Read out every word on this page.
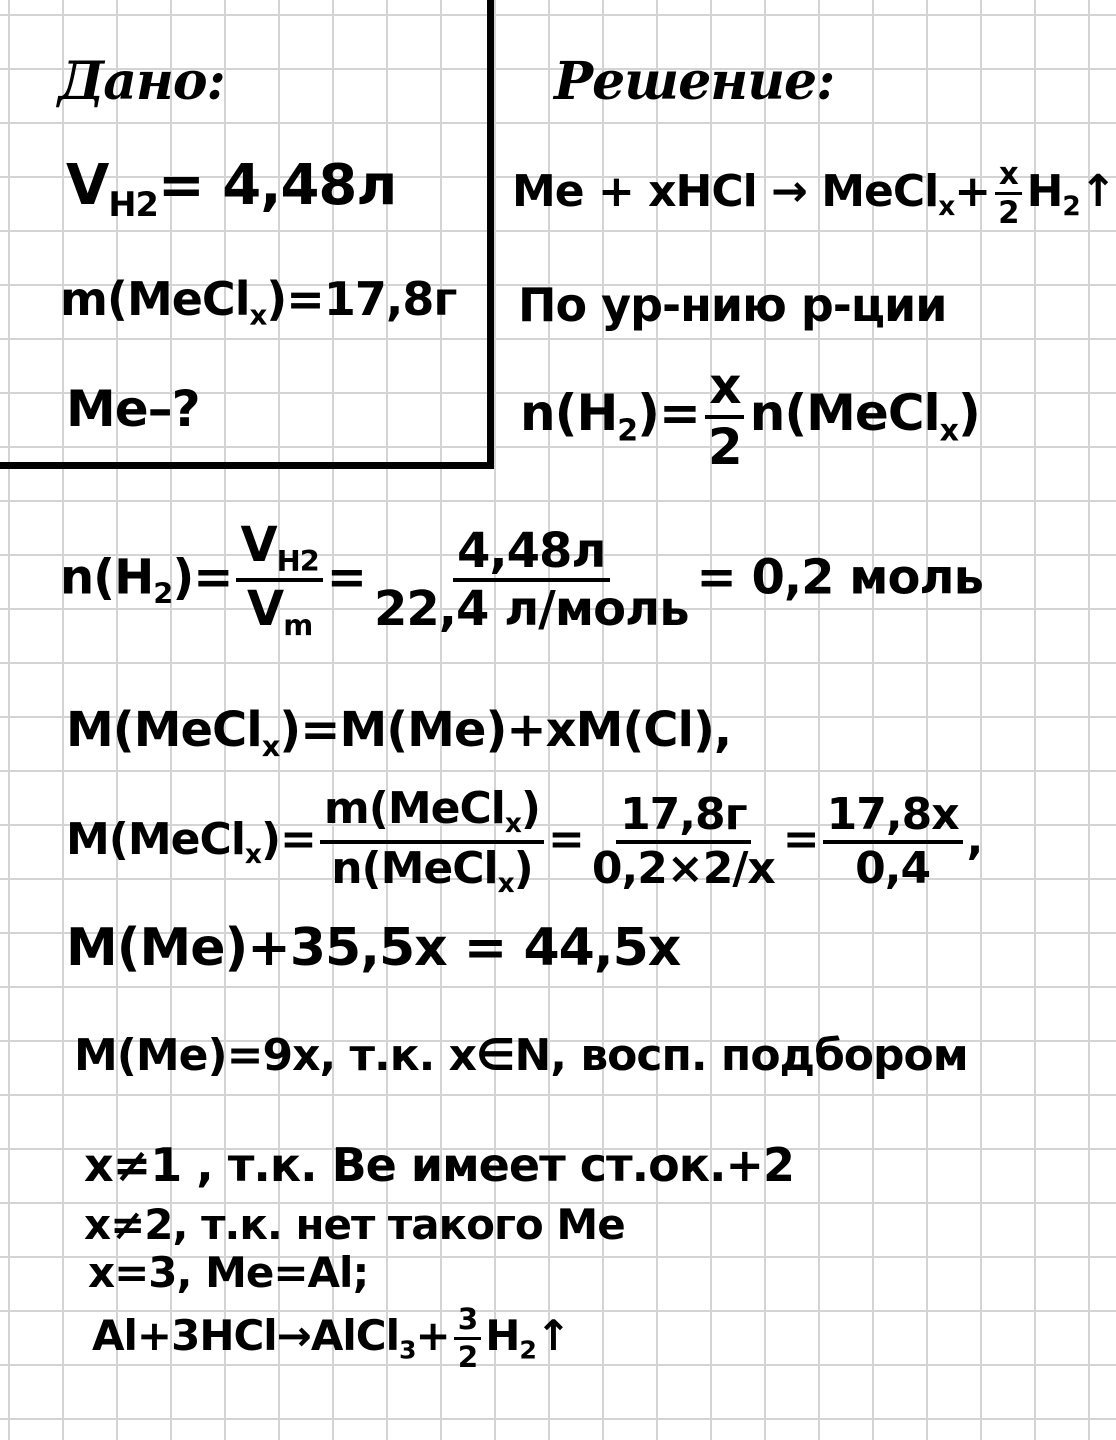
Дано:
$V_{H2}= 4,48л$
m(MeCl$_x$)=17,8г
Me–?
Решение:
Me + xHCl → MeCl$_x$+ $\frac{x}{2}$ $H_2↑$
По ур-нию р-ции
$n(H_2)= \frac{x}{2}$ n(MeCl$_x$)
$n(H_2)= \frac{V_{H2}}{V_m} = \frac{4,48л}{\text{22,4 л/моль}} = 0,2$ моль
M(MeCl$_x$)=M(Me)+xM(Cl),
M(MeCl$_x$)= $\frac{m(MeCl_x)}{n(MeCl_x)} = \frac{17,8г}{0,2\times 2/x} = \frac{17,8x}{0,4}$ ,
M(Me)+35,5x = 44,5x
M(Me)=9x, т.к. x∈N, восп. подбором
x≠1 , т.к. Be имеет ст.ок.+2
x≠2, т.к. нет такого Me
x=3, Me=Al;
Al+3HCl→AlCl$_3$+ $\frac{3}{2}$ $H_2↑$
